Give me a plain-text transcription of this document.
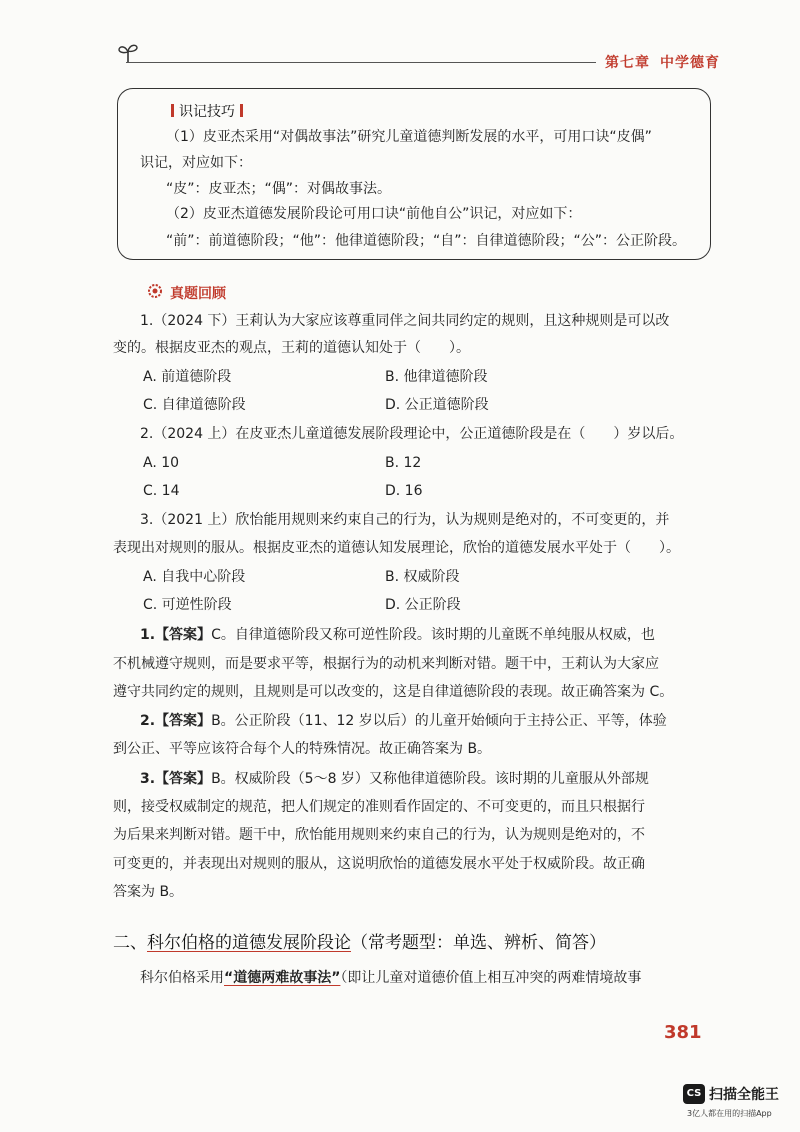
第七章 中学德育
识记技巧
（1）皮亚杰采用“对偶故事法”研究儿童道德判断发展的水平，可用口诀“皮偶”
识记，对应如下：
“皮”：皮亚杰；“偶”：对偶故事法。
（2）皮亚杰道德发展阶段论可用口诀“前他自公”识记，对应如下：
“前”：前道德阶段；“他”：他律道德阶段；“自”：自律道德阶段；“公”：公正阶段。
真题回顾
1.（2024 下）王莉认为大家应该尊重同伴之间共同约定的规则，且这种规则是可以改
变的。根据皮亚杰的观点，王莉的道德认知处于（　　）。
A. 前道德阶段	B. 他律道德阶段
C. 自律道德阶段	D. 公正道德阶段
2.（2024 上）在皮亚杰儿童道德发展阶段理论中，公正道德阶段是在（　　）岁以后。
A. 10	B. 12
C. 14	D. 16
3.（2021 上）欣怡能用规则来约束自己的行为，认为规则是绝对的，不可变更的，并
表现出对规则的服从。根据皮亚杰的道德认知发展理论，欣怡的道德发展水平处于（　　）。
A. 自我中心阶段	B. 权威阶段
C. 可逆性阶段	D. 公正阶段
1.【答案】C。自律道德阶段又称可逆性阶段。该时期的儿童既不单纯服从权威，也
不机械遵守规则，而是要求平等，根据行为的动机来判断对错。题干中，王莉认为大家应
遵守共同约定的规则，且规则是可以改变的，这是自律道德阶段的表现。故正确答案为 C。
2.【答案】B。公正阶段（11、12 岁以后）的儿童开始倾向于主持公正、平等，体验
到公正、平等应该符合每个人的特殊情况。故正确答案为 B。
3.【答案】B。权威阶段（5～8 岁）又称他律道德阶段。该时期的儿童服从外部规
则，接受权威制定的规范，把人们规定的准则看作固定的、不可变更的，而且只根据行
为后果来判断对错。题干中，欣怡能用规则来约束自己的行为，认为规则是绝对的，不
可变更的，并表现出对规则的服从，这说明欣怡的道德发展水平处于权威阶段。故正确
答案为 B。
二、科尔伯格的道德发展阶段论（常考题型：单选、辨析、简答）
科尔伯格采用“道德两难故事法”（即让儿童对道德价值上相互冲突的两难情境故事
381
CS 扫描全能王
3亿人都在用的扫描App
